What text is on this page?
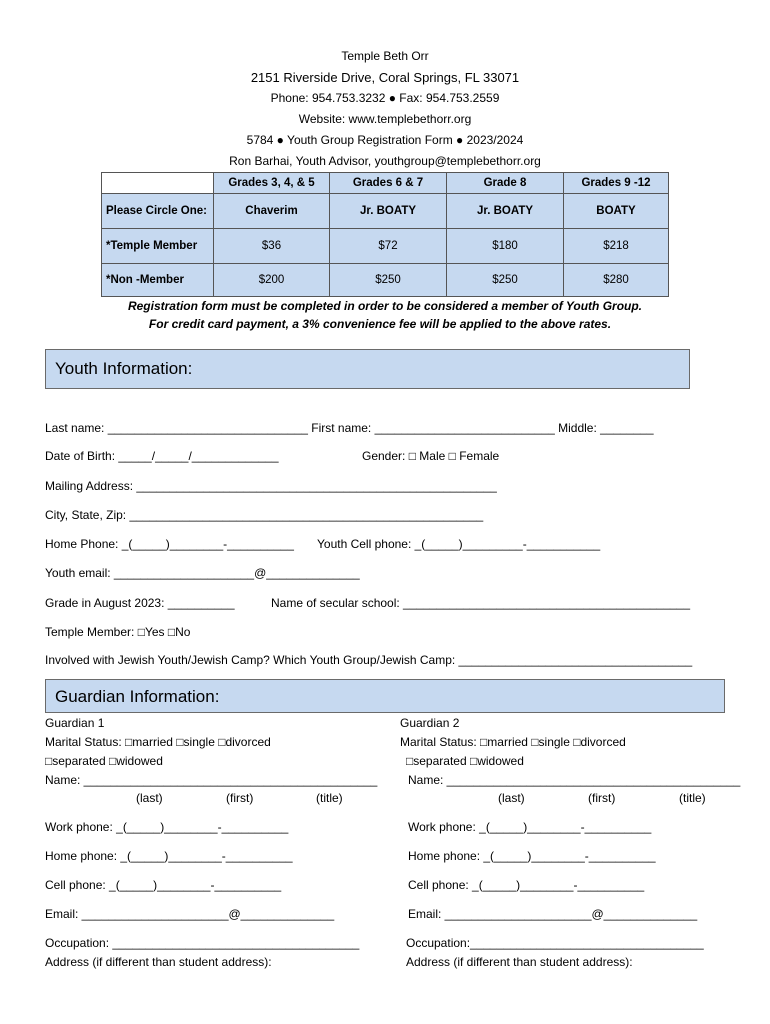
Temple Beth Orr
2151 Riverside Drive, Coral Springs, FL 33071
Phone: 954.753.3232 ● Fax: 954.753.2559
Website: www.templebethorr.org
5784 ● Youth Group Registration Form ● 2023/2024
Ron Barhai, Youth Advisor, youthgroup@templebethorr.org
	Grades 3, 4, & 5	Grades 6 & 7	Grade 8	Grades 9 -12
Please Circle One:	Chaverim	Jr. BOATY	Jr. BOATY	BOATY
*Temple Member	$36	$72	$180	$218
*Non -Member	$200	$250	$250	$280
Registration form must be completed in order to be considered a member of Youth Group.
For credit card payment, a 3% convenience fee will be applied to the above rates.
Youth Information:
Last name: ______________________________ First name: ___________________________ Middle: ________
Date of Birth: _____/_____/_____________	Gender: □ Male □ Female
Mailing Address: ______________________________________________________
City, State, Zip: _____________________________________________________
Home Phone: _(_____)________-__________ Youth Cell phone: _(_____)_________-___________
Youth email: _____________________@______________
Grade in August 2023: __________	Name of secular school: ___________________________________________
Temple Member: □Yes □No
Involved with Jewish Youth/Jewish Camp? Which Youth Group/Jewish Camp: ___________________________________
Guardian Information:
Guardian 1
Marital Status: □married □single □divorced
□separated □widowed
Name: ____________________________________________
(last)	(first)	(title)
Work phone: _(_____)________-__________
Home phone: _(_____)________-__________
Cell phone: _(_____)________-__________
Email: ______________________@______________
Occupation: _____________________________________
Address (if different than student address):
Guardian 2
Marital Status: □married □single □divorced
□separated □widowed
Name: ____________________________________________
(last)	(first)	(title)
Work phone: _(_____)________-__________
Home phone: _(_____)________-__________
Cell phone: _(_____)________-__________
Email: ______________________@______________
Occupation:___________________________________
Address (if different than student address):
